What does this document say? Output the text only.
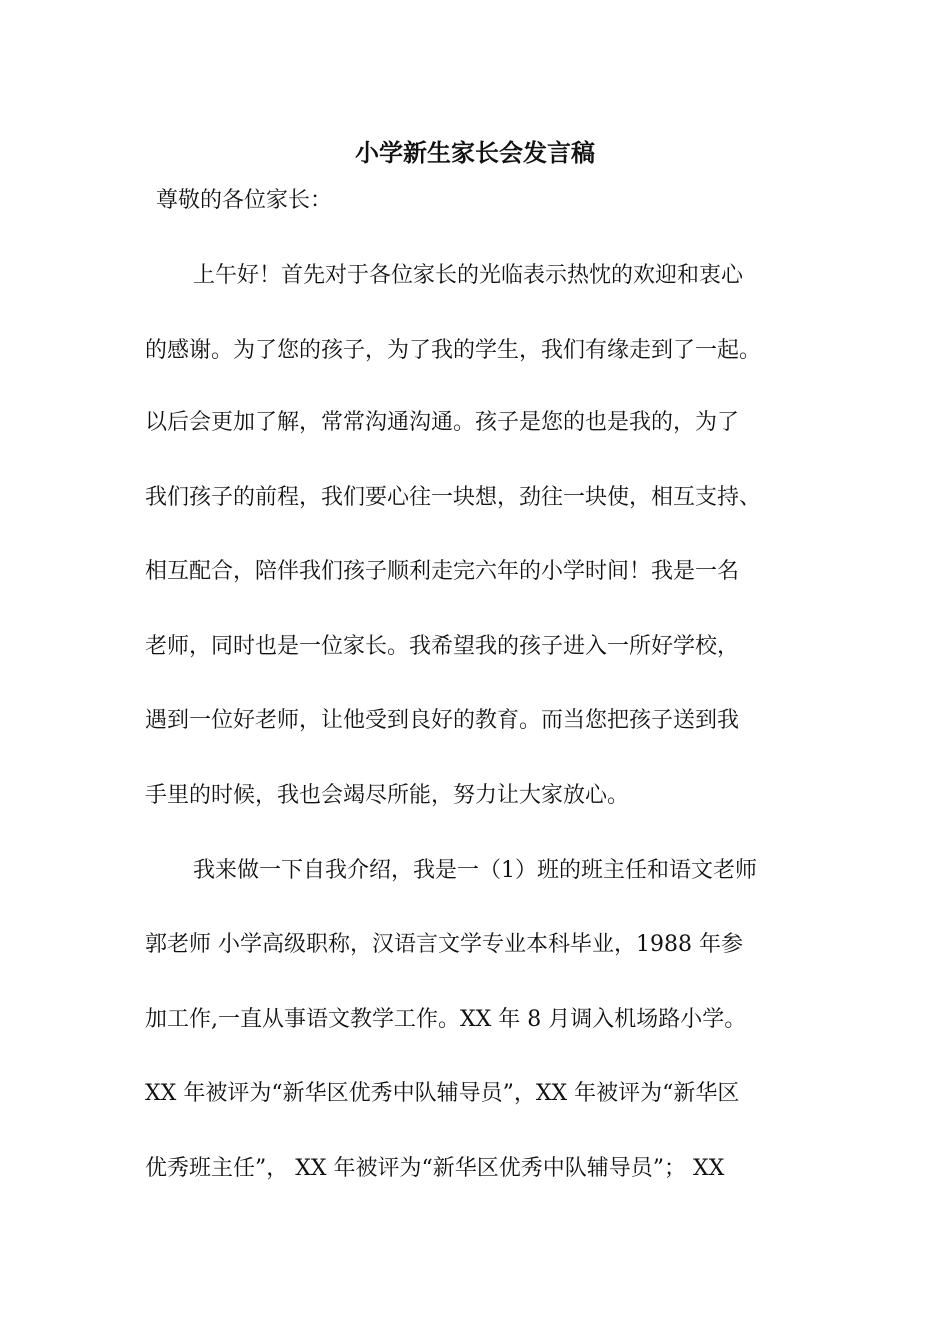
小学新生家长会发言稿
尊敬的各位家长：
上午好！首先对于各位家长的光临表示热忱的欢迎和衷心
的感谢。为了您的孩子，为了我的学生，我们有缘走到了一起。
以后会更加了解，常常沟通沟通。孩子是您的也是我的，为了
我们孩子的前程，我们要心往一块想，劲往一块使，相互支持、
相互配合，陪伴我们孩子顺利走完六年的小学时间！我是一名
老师，同时也是一位家长。我希望我的孩子进入一所好学校，
遇到一位好老师，让他受到良好的教育。而当您把孩子送到我
手里的时候，我也会竭尽所能，努力让大家放心。
我来做一下自我介绍，我是一（1）班的班主任和语文老师
郭老师 小学高级职称，汉语言文学专业本科毕业，1988 年参
加工作,一直从事语文教学工作。XX 年 8 月调入机场路小学。
XX 年被评为“新华区优秀中队辅导员”，XX 年被评为“新华区
优秀班主任”， XX 年被评为“新华区优秀中队辅导员”； XX
